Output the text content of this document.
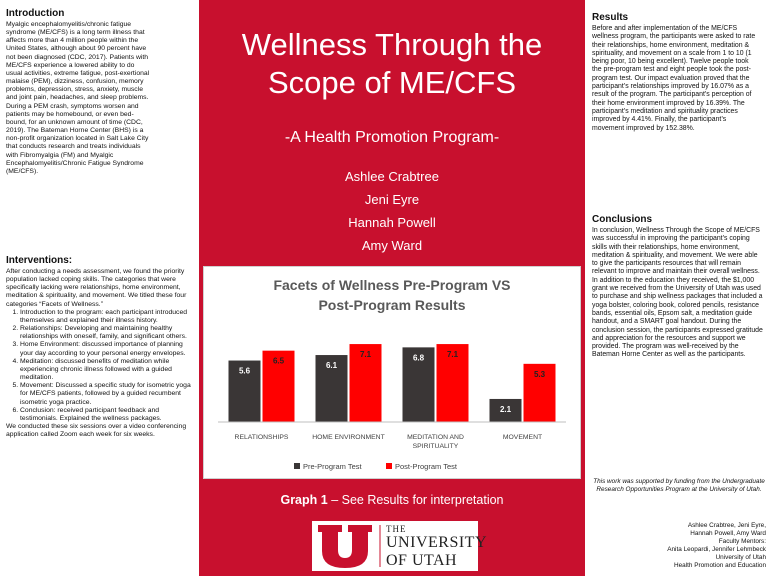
Introduction

Myalgic encephalomyelitis/chronic fatigue syndrome (ME/CFS) is a long term illness that affects more than 4 million people within the United States, although about 90 percent have not been diagnosed (CDC, 2017). Patients with ME/CFS experience a lowered ability to do usual activities, extreme fatigue, post-exertional malaise (PEM), dizziness, confusion, memory problems, depression, stress, anxiety, muscle and joint pain, headaches, and sleep problems. During a PEM crash, symptoms worsen and patients may be homebound, or even bed-bound, for an unknown amount of time (CDC, 2019). The Bateman Horne Center (BHS) is a non-profit organization located in Salt Lake City that conducts research and treats individuals with Fibromyalgia (FM) and Myalgic Encephalomyelitis/Chronic Fatigue Syndrome (ME/CFS).

Interventions:

After conducting a needs assessment, we found the priority population lacked coping skills. The categories that were specifically lacking were relationships, home environment, meditation & spirituality, and movement. We titled these four categories “Facets of Wellness.”

1. Introduction to the program: each participant introduced themselves and explained their illness history.
2. Relationships: Developing and maintaining healthy relationships with oneself, family, and significant others.
3. Home Environment: discussed importance of planning your day according to your personal energy envelopes.
4. Meditation: discussed benefits of meditation while experiencing chronic illness followed with a guided meditation.
5. Movement: Discussed a specific study for isometric yoga for ME/CFS patients, followed by a guided recumbent isometric yoga practice.
6. Conclusion: received participant feedback and testimonials. Explained the wellness packages.

We conducted these six sessions over a video conferencing application called Zoom each week for six weeks.

Wellness Through the
Scope of ME/CFS
-A Health Promotion Program-
Ashlee Crabtree
Jeni Eyre
Hannah Powell
Amy Ward
Facets of Wellness Pre-Program VS
Post-Program Results
5.6
6.5	6.1
7.1	6.8	7.1
2.1
5.3
RELATIONSHIPS	HOME ENVIRONMENT	MEDITATION AND
SPIRITUALITY
MOVEMENT
Pre-Program Test	Post-Program Test
Graph 1 – See Results for interpretation
THE
UNIVERSITY
OF UTAH

Results

Before and after implementation of the ME/CFS wellness program, the participants were asked to rate their relationships, home environment, meditation & spirituality, and movement on a scale from 1 to 10 (1 being poor, 10 being excellent). Twelve people took the pre-program test and eight people took the post-program test. Our impact evaluation proved that the participant’s relationships improved by 16.07% as a result of the program. The participant’s perception of their home environment improved by 16.39%. The participant’s meditation and spirituality practices improved by 4.41%. Finally, the participant’s movement improved by 152.38%.

Conclusions

In conclusion, Wellness Through the Scope of ME/CFS was successful in improving the participant’s coping skills with their relationships, home environment, meditation & spirituality, and movement. We were able to give the participants resources that will remain relevant to improve and maintain their overall wellness. In addition to the education they received, the $1,000 grant we received from the University of Utah was used to purchase and ship wellness packages that included a yoga bolster, coloring book, colored pencils, resistance bands, essential oils, Epsom salt, a meditation guide handout, and a SMART goal handout. During the conclusion session, the participants expressed gratitude and appreciation for the resources and support we provided. The program was well-received by the Bateman Horne Center as well as the participants.

This work was supported by funding from the Undergraduate Research Opportunities Program at the University of Utah.
Ashlee Crabtree, Jeni Eyre,
Hannah Powell, Amy Ward
Faculty Mentors:
Anita Leopardi, Jennifer Lehmbeck
University of Utah
Health Promotion and Education
